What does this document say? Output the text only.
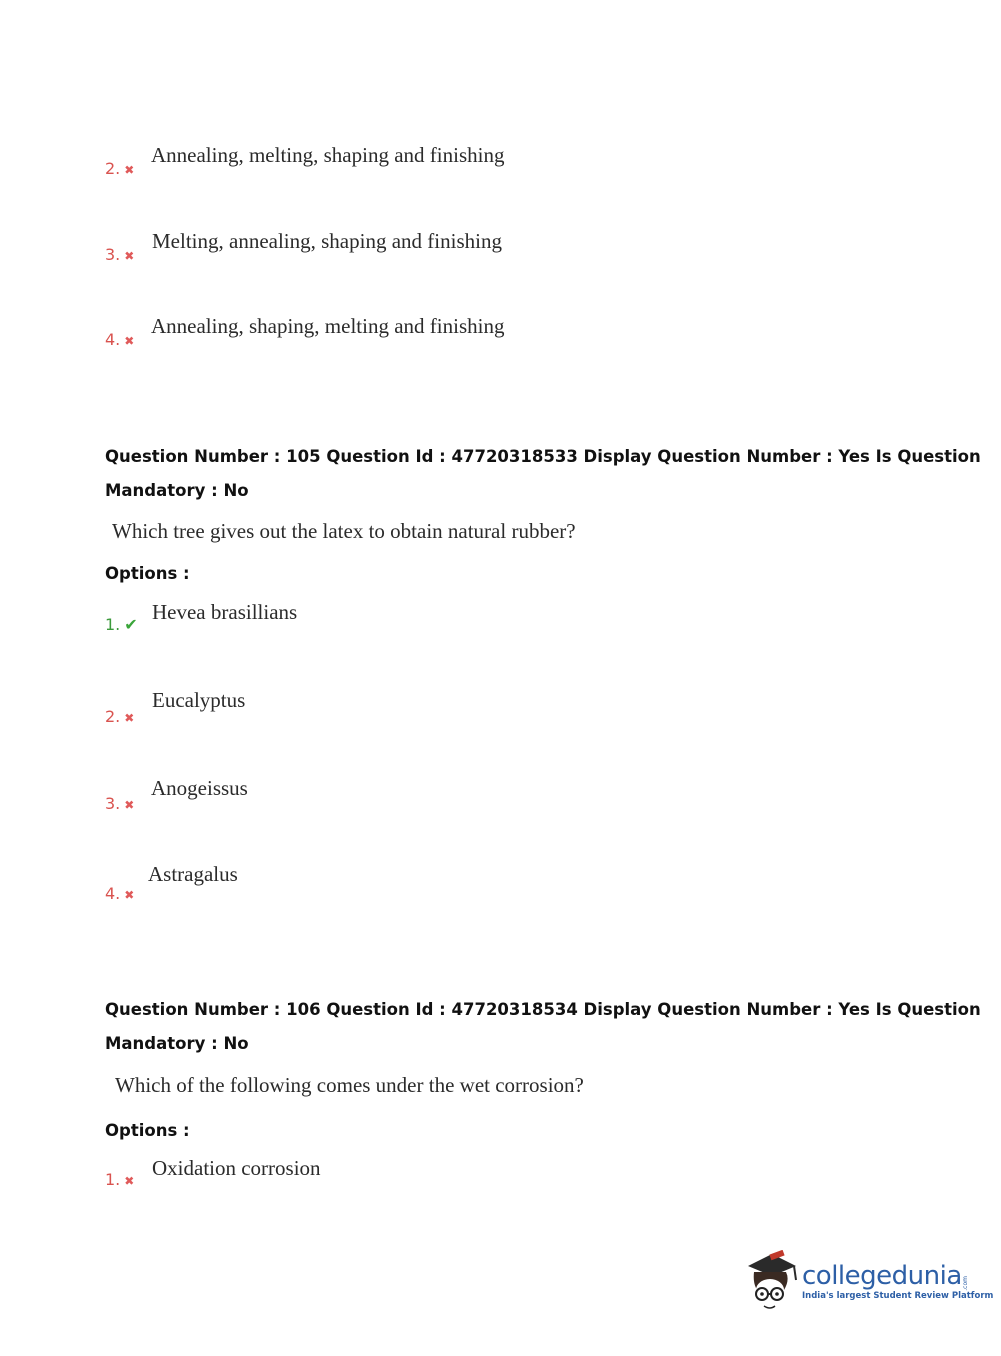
2. ✖
Annealing, melting, shaping and finishing
3. ✖
Melting, annealing, shaping and finishing
4. ✖
Annealing, shaping, melting and finishing
Question Number : 105 Question Id : 47720318533 Display Question Number : Yes Is Question
Mandatory : No
Which tree gives out the latex to obtain natural rubber?
Options :
1. ✔
Hevea brasillians
2. ✖
Eucalyptus
3. ✖
Anogeissus
4. ✖
Astragalus
Question Number : 106 Question Id : 47720318534 Display Question Number : Yes Is Question
Mandatory : No
Which of the following comes under the wet corrosion?
Options :
1. ✖
Oxidation corrosion
collegedunia .com
India's largest Student Review Platform
